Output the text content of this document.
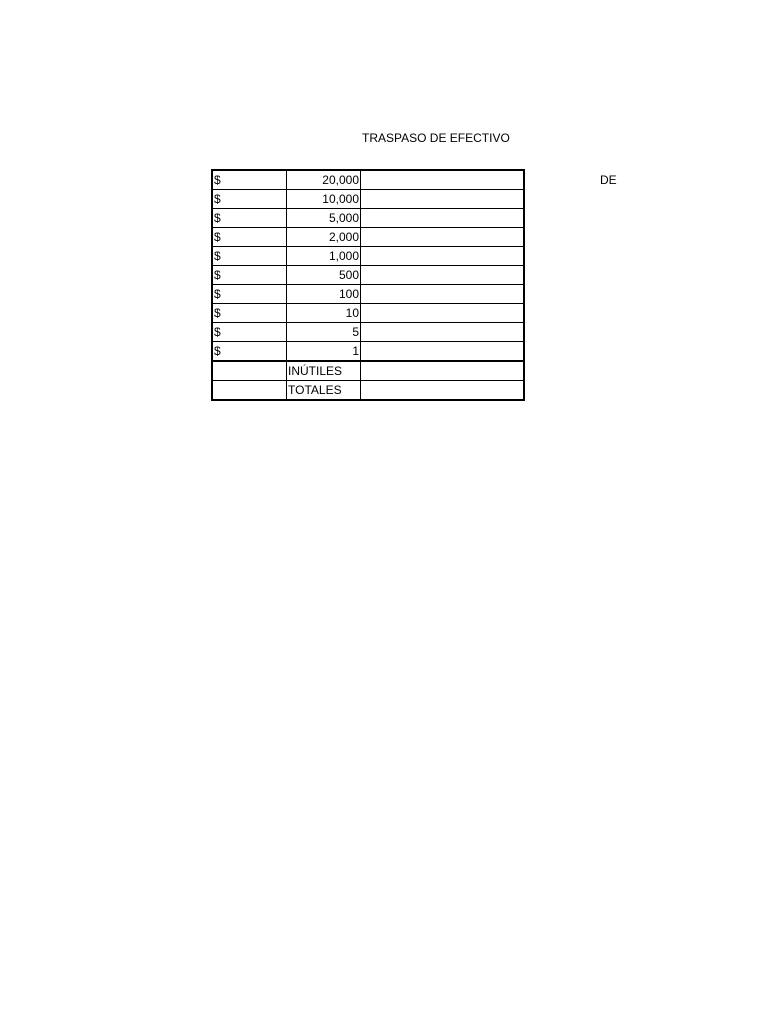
TRASPASO DE EFECTIVO
DE
$	20,000	
$	10,000	
$	5,000	
$	2,000	
$	1,000	
$	500	
$	100	
$	10	
$	5	
$	1	
	INÚTILES	
	TOTALES	
